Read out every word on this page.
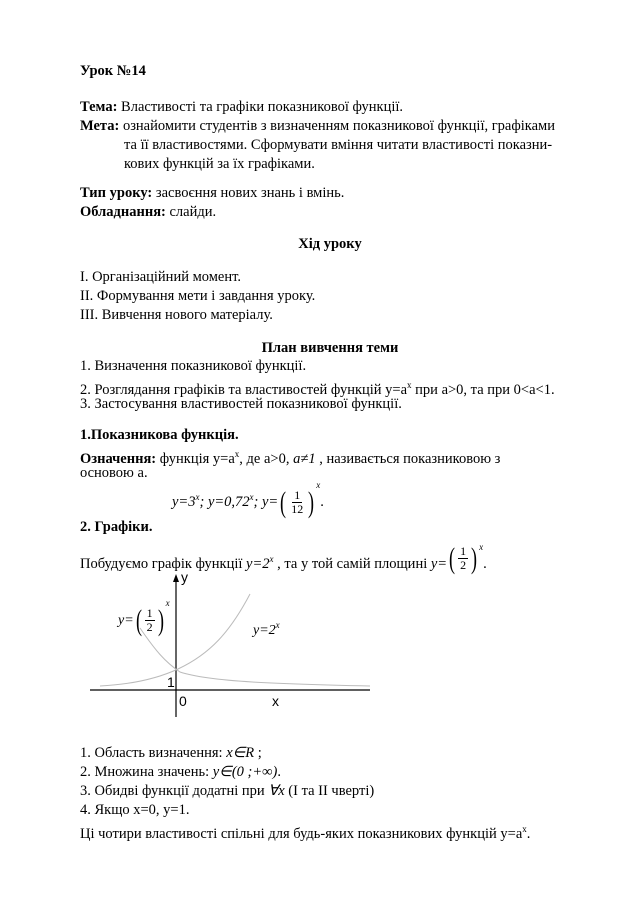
Урок №14
Тема: Властивості та графіки показникової функції.
Мета: ознайомити студентів з визначенням показникової функції, графіками
та її властивостями. Сформувати вміння читати властивості показни-
кових функцій за їх графіками.
Тип уроку: засвоєння нових знань і вмінь.
Обладнання: слайди.
Хід уроку
І. Організаційний момент.
ІІ. Формування мети і завдання уроку.
ІІІ. Вивчення нового матеріалу.
План вивчення теми
1. Визначення показникової функції.
2. Розглядання графіків та властивостей функцій $у=а^х$ при а>0, та при 0<а<1.
3. Застосування властивостей показникової функції.
1.Показникова функція.
Означення: функція $у=а^х$, де а>0, a≠1 , називається показниковою з
основою а.
$y=3^x$; $y=0,72^x$; y= ( $\frac{1}{12}$ )
$^x$.
2. Графіки.
Побудуємо графік функції $y=2^x$ , та у той самій площині y= ( $\frac{1}{2}$ ) $^x$.
y
x
0
1
$y=2^x$
y= ( $\frac{1}{2}$ )
$^x$
1. Область визначення: x∈R ;
2. Множина значень: y∈(0 ;+∞).
3. Обидві функції додатні при ∀x (І та ІІ чверті)
4. Якщо х=0, у=1.
Ці чотири властивості спільні для будь-яких показникових функцій $у=а^х$.
